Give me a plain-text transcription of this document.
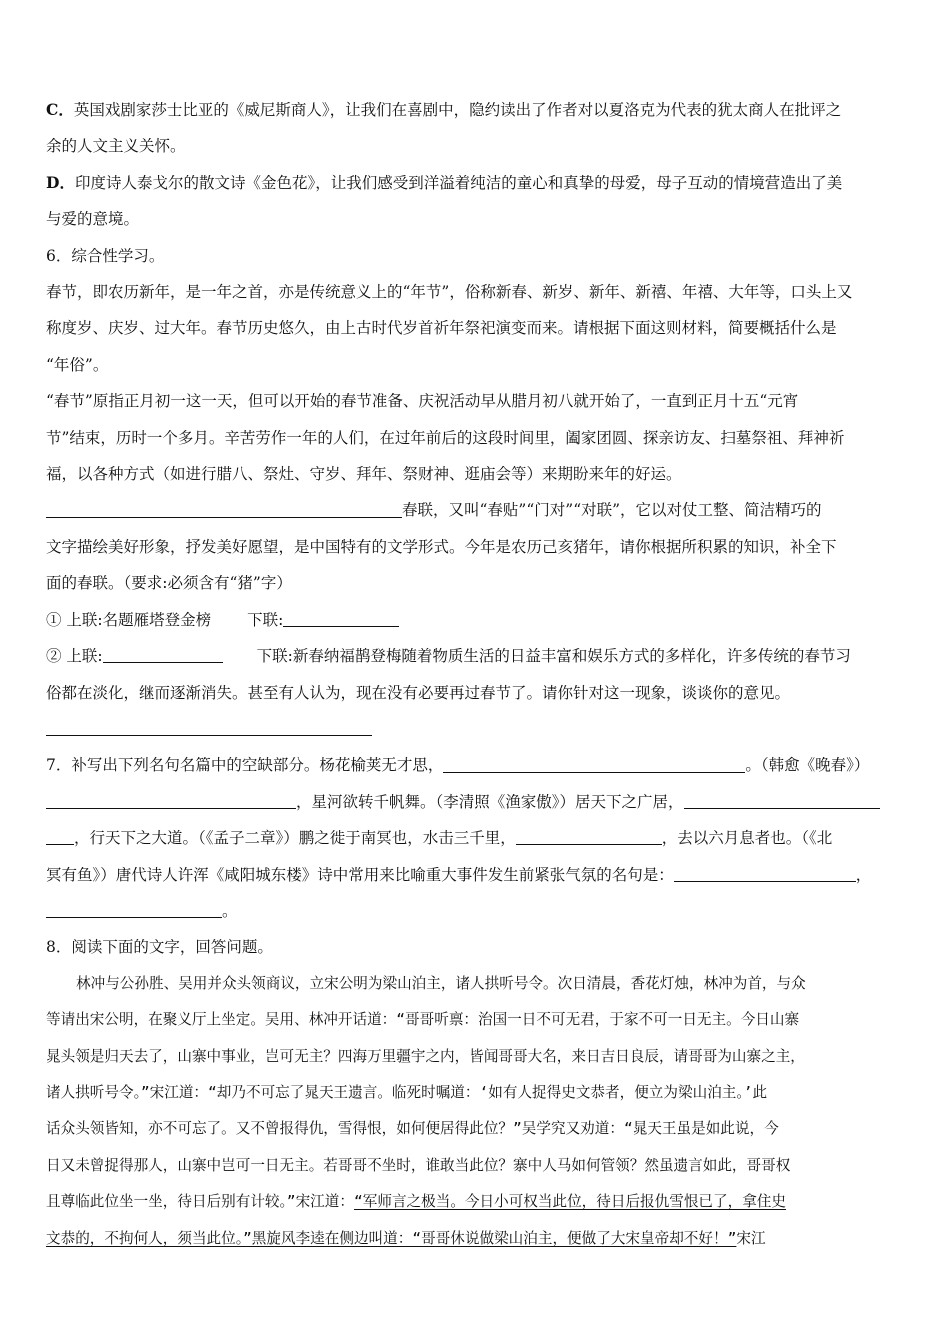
C．英国戏剧家莎士比亚的《威尼斯商人》，让我们在喜剧中，隐约读出了作者对以夏洛克为代表的犹太商人在批评之

余的人文主义关怀。

D．印度诗人泰戈尔的散文诗《金色花》，让我们感受到洋溢着纯洁的童心和真挚的母爱，母子互动的情境营造出了美

与爱的意境。

6．综合性学习。

春节，即农历新年，是一年之首，亦是传统意义上的“年节”，俗称新春、新岁、新年、新禧、年禧、大年等，口头上又

称度岁、庆岁、过大年。春节历史悠久，由上古时代岁首祈年祭祀演变而来。请根据下面这则材料，简要概括什么是

“年俗”。

“春节”原指正月初一这一天，但可以开始的春节准备、庆祝活动早从腊月初八就开始了，一直到正月十五“元宵

节”结束，历时一个多月。辛苦劳作一年的人们，在过年前后的这段时间里，阖家团圆、探亲访友、扫墓祭祖、拜神祈

福，以各种方式（如进行腊八、祭灶、守岁、拜年、祭财神、逛庙会等）来期盼来年的好运。

春联，又叫“春贴”“门对”“对联”，它以对仗工整、简洁精巧的

文字描绘美好形象，抒发美好愿望，是中国特有的文学形式。今年是农历己亥猪年，请你根据所积累的知识，补全下

面的春联。（要求:必须含有“猪”字）

① 上联:名题雁塔登金榜 下联:

② 上联:	下联:新春纳福鹊登梅随着物质生活的日益丰富和娱乐方式的多样化，许多传统的春节习

俗都在淡化，继而逐渐消失。甚至有人认为，现在没有必要再过春节了。请你针对这一现象，谈谈你的意见。

7．补写出下列名句名篇中的空缺部分。杨花榆荚无才思，	。（韩愈《晚春》）

，星河欲转千帆舞。（李清照《渔家傲》）居天下之广居，

，行天下之大道。（《孟子二章》）鹏之徙于南冥也，水击三千里，	，去以六月息者也。（《北

冥有鱼》）唐代诗人许浑《咸阳城东楼》诗中常用来比喻重大事件发生前紧张气氛的名句是：	，

。

8．阅读下面的文字，回答问题。

林冲与公孙胜、吴用并众头领商议，立宋公明为梁山泊主，诸人拱听号令。次日清晨，香花灯烛，林冲为首，与众

等请出宋公明，在聚义厅上坐定。吴用、林冲开话道：“哥哥听禀：治国一日不可无君，于家不可一日无主。今日山寨

晁头领是归天去了，山寨中事业，岂可无主？四海万里疆宇之内，皆闻哥哥大名，来日吉日良辰，请哥哥为山寨之主，

诸人拱听号令。”宋江道：“却乃不可忘了晁天王遗言。临死时嘱道：‘如有人捉得史文恭者，便立为梁山泊主。’此

话众头领皆知，亦不可忘了。又不曾报得仇，雪得恨，如何便居得此位？”吴学究又劝道：“晁天王虽是如此说，今

日又未曾捉得那人，山寨中岂可一日无主。若哥哥不坐时，谁敢当此位？寨中人马如何管领？然虽遗言如此，哥哥权

且尊临此位坐一坐，待日后别有计较。”宋江道：“军师言之极当。今日小可权当此位，待日后报仇雪恨已了，拿住史

文恭的，不拘何人，须当此位。”黑旋风李逵在侧边叫道：“哥哥休说做梁山泊主，便做了大宋皇帝却不好！”宋江
